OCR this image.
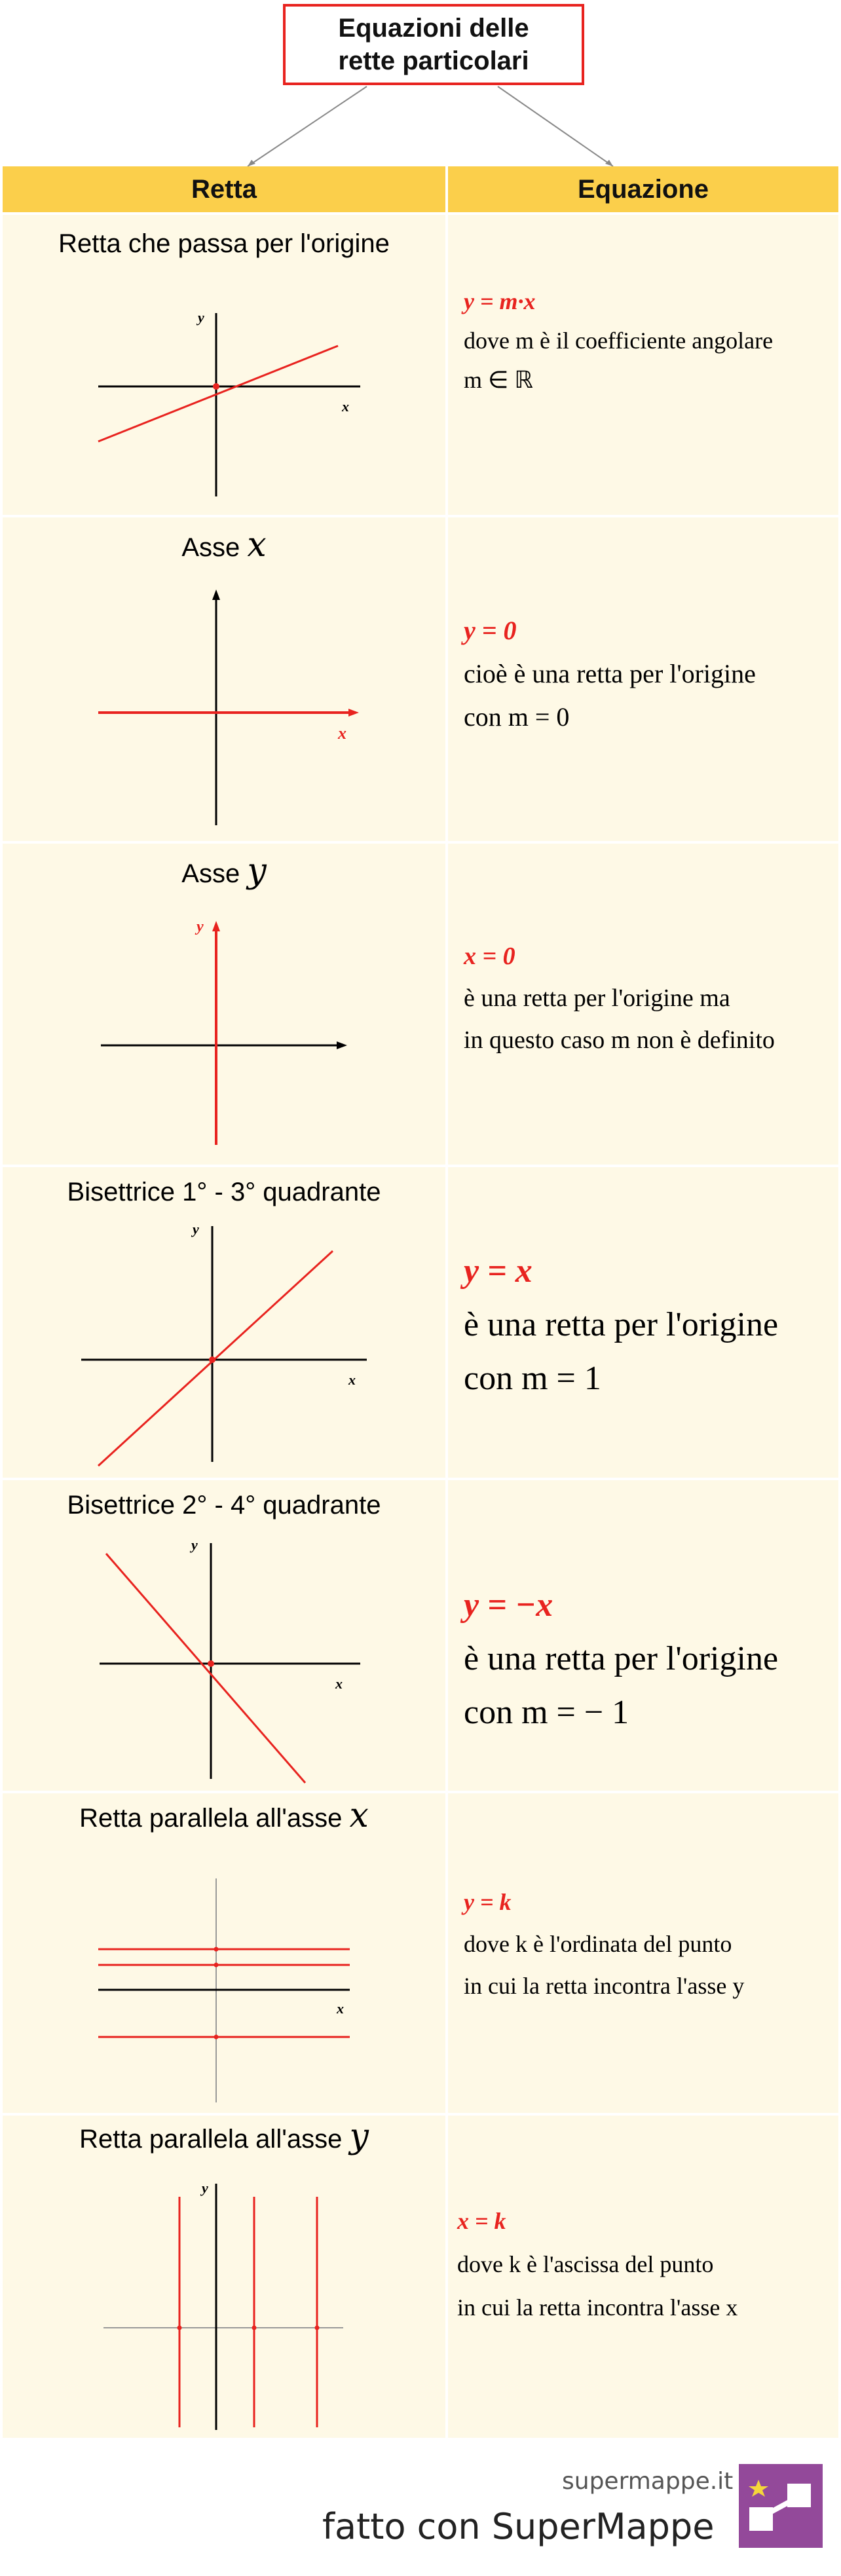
Equazioni delle
rette particolari
Retta	Equazione
Retta che passa per l'origine
x
y
y = m·x
dove m è il coefficiente angolare
m ∈ ℝ
Asse x
x
y = 0
cioè è una retta per l'origine
con m = 0
Asse y
y
x = 0
è una retta per l'origine ma
in questo caso m non è definito
Bisettrice 1° - 3° quadrante
x
y
y = x
è una retta per l'origine
con m = 1
Bisettrice 2° - 4° quadrante
x
y
y = −x
è una retta per l'origine
con m = − 1
Retta parallela all'asse x
x
y = k
dove k è l'ordinata del punto
in cui la retta incontra l'asse y
Retta parallela all'asse y
y
x = k
dove k è l'ascissa del punto
in cui la retta incontra l'asse x
supermappe.it
fatto con SuperMappe
